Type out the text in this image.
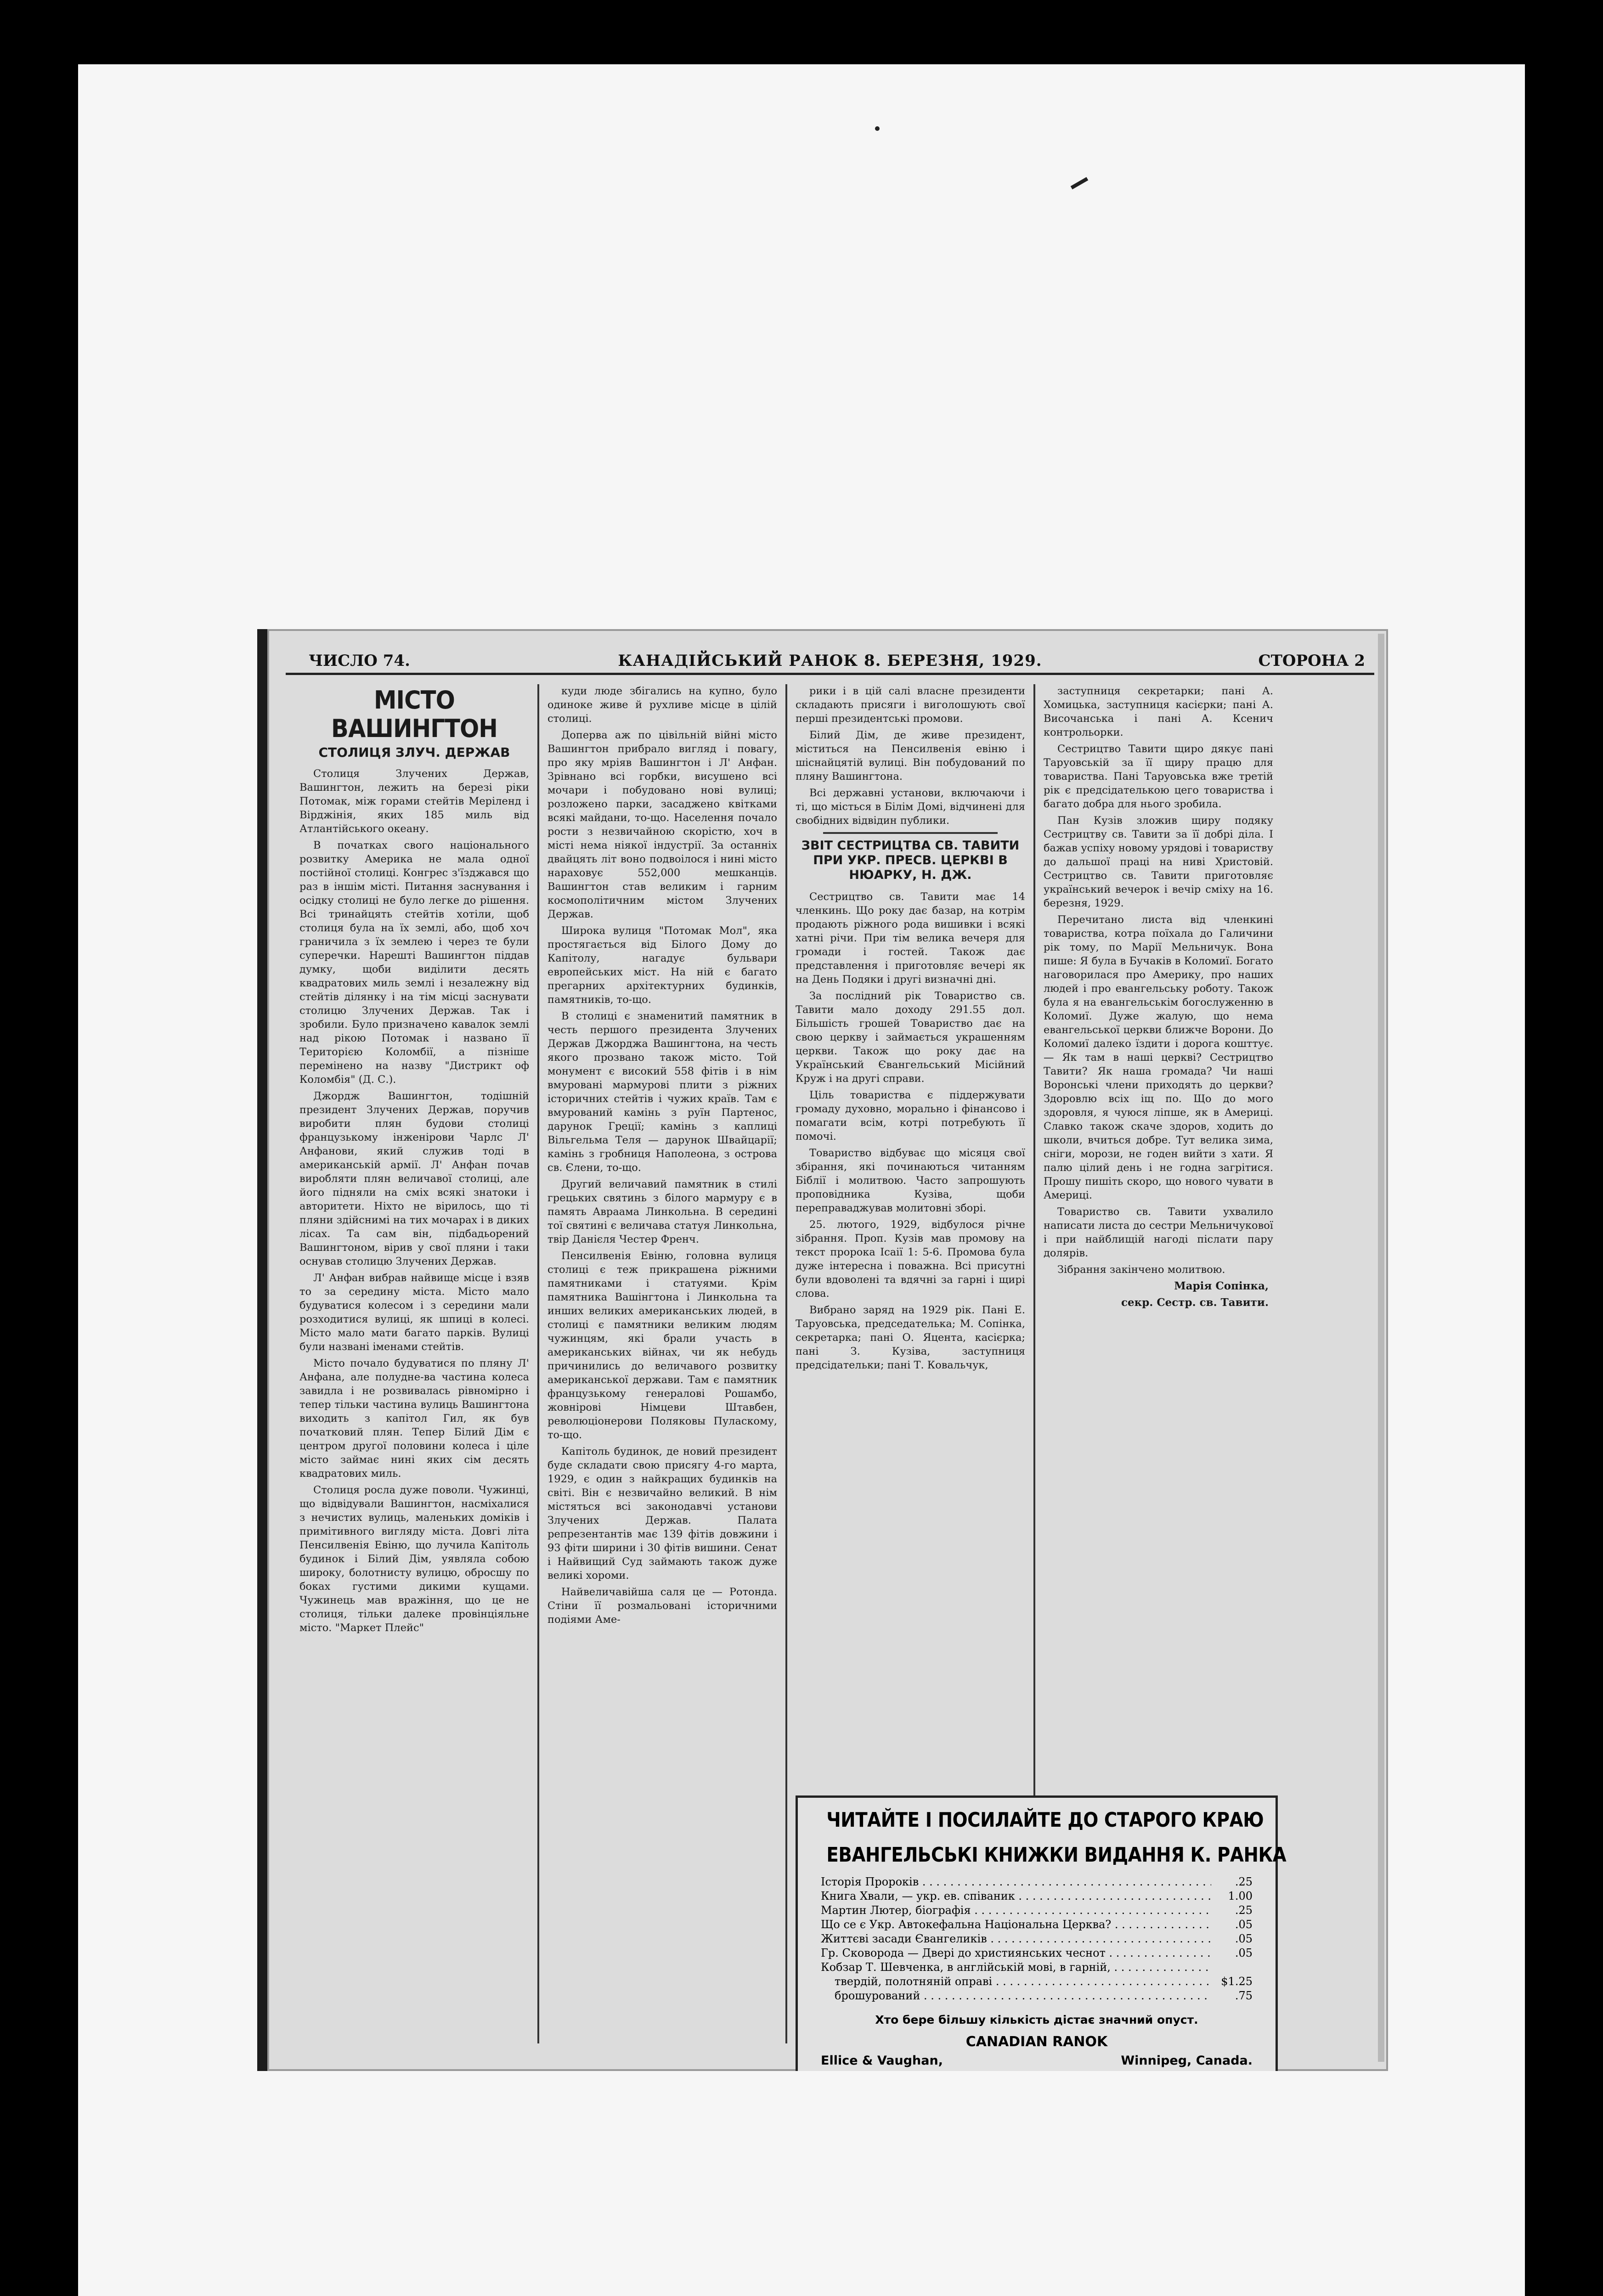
ЧИСЛО 74.	КАНАДІЙСЬКИЙ РАНОК 8. БЕРЕЗНЯ, 1929.	СТОРОНА 2
МІСТО ВАШИНГТОН
СТОЛИЦЯ ЗЛУЧ. ДЕРЖАВ

Столиця Злучених Держав, Вашингтон, лежить на березі ріки Потомак, між горами стейтів Меріленд і Вірджінія, яких 185 миль від Атлантійського океану.

В початках свого національного розвитку Америка не мала одної постійної столиці. Конгрес з'їзджався що раз в іншім місті. Питання заснування і осідку столиці не було легке до рішення. Всі тринайцять стейтів хотіли, щоб столиця була на їх землі, або, щоб хоч граничила з їх землею і через те були суперечки. Нарешті Вашингтон піддав думку, щоби виділити десять квадратових миль землі і незалежну від стейтів ділянку і на тім місці заснувати столицю Злучених Держав. Так і зробили. Було призначено кавалок землі над рікою Потомак і названо її Територією Коломбії, а пізніше перемінено на назву "Дистрикт оф Коломбія" (Д. С.).

Джордж Вашингтон, тодішній президент Злучених Держав, поручив виробити плян будови столиці французькому інженірови Чарлс Л' Анфанови, який служив тоді в американській армії. Л' Анфан почав виробляти плян величавої столиці, але його підняли на сміх всякі знатоки і авторитети. Ніхто не вірилось, що ті пляни здійснимі на тих мочарах і в диких лісах. Та сам він, підбадьорений Вашингтоном, вірив у свої пляни і таки оснував столицю Злучених Держав.

Л' Анфан вибрав найвище місце і взяв то за середину міста. Місто мало будуватися колесом і з середини мали розходитися вулиці, як шпиці в колесі. Місто мало мати багато парків. Вулиці були названі іменами стейтів.

Місто почало будуватися по пляну Л' Анфана, але полудне-ва частина колеса завидла і не розвивалась рівномірно і тепер тільки частина вулиць Вашингтона виходить з капітол Гил, як був початковий плян. Тепер Білий Дім є центром другої половини колеса і ціле місто займає нині яких сім десять квадратових миль.

Столиця росла дуже поволи. Чужинці, що відвідували Вашингтон, насміхалися з нечистих вулиць, маленьких доміків і примітивного вигляду міста. Довгі літа Пенсилвенія Евіню, що лучила Капітоль будинок і Білий Дім, уявляла собою широку, болотнисту вулицю, обросшу по боках густими дикими кущами. Чужинець мав вражіння, що це не столиця, тільки далеке провінціяльне місто. "Маркет Плейс"

куди люде збігались на купно, було одиноке живе й рухливе місце в цілій столиці.

Доперва аж по цівільній війні місто Вашингтон прибрало вигляд і повагу, про яку мріяв Вашингтон і Л' Анфан. Зрівнано всі горбки, висушено всі мочари і побудовано нові вулиці; розложено парки, засаджено квітками всякі майдани, то-що. Населення почало рости з незвичайною скорістю, хоч в місті нема ніякої індустрії. За останніх двайцять літ воно подвоілося і нині місто нараховує 552,000 мешканців. Вашингтон став великим і гарним космополітичним містом Злучених Держав.

Широка вулиця "Потомак Мол", яка простягається від Білого Дому до Капітолу, нагадує бульвари европейських міст. На ній є багато прегарних архітектурних будинків, памятників, то-що.

В столиці є знаменитий памятник в честь першого президента Злучених Держав Джорджа Вашингтона, на честь якого прозвано також місто. Той монумент є високий 558 фітів і в нім вмуровані мармурові плити з ріжних історичних стейтів і чужих країв. Там є вмурований камінь з руїн Партенос, дарунок Греції; камінь з каплиці Вільгельма Теля — дарунок Швайцарії; камінь з гробниця Наполеона, з острова св. Єлени, то-що.

Другий величавий памятник в стилі грецьких святинь з білого мармуру є в память Авраама Линкольна. В середині тої святині є величава статуя Линкольна, твір Данієля Честер Френч.

Пенсилвенія Евіню, головна вулиця столиці є теж прикрашена ріжними памятниками і статуями. Крім памятника Вашінгтона і Линкольна та инших великих американських людей, в столиці є памятники великим людям чужинцям, які брали участь в американських війнах, чи як небудь причинились до величавого розвитку американської держави. Там є памятник французькому генералові Рошамбо, жовнірові Німцеви Штавбен, революціонерови Поляковы Пуласкому, то-що.

Капітоль будинок, де новий президент буде складати свою присягу 4-го марта, 1929, є один з найкращих будинків на світі. Він є незвичайно великий. В нім містяться всі законодавчі установи Злучених Держав. Палата репрезентантів має 139 фітів довжини і 93 фіти ширини і 30 фітів вишини. Сенат і Найвищий Суд займають також дуже великі хороми.

Найвеличавійша саля це — Ротонда. Стіни її розмальовані історичними подіями Аме-

рики і в цій салі власне президенти складають присяги і виголошують свої перші президентські промови.

Білий Дім, де живе президент, міститься на Пенсилвенія евіню і шіснайцятій вулиці. Він побудований по пляну Вашингтона.

Всі державні установи, включаючи і ті, що місться в Білім Домі, відчинені для свобідних відвідин публики.

ЗВІТ СЕСТРИЦТВА СВ. ТАВИТИ ПРИ УКР. ПРЕСВ. ЦЕРКВІ В НЮАРКУ, Н. ДЖ.

Сестрицтво св. Тавити має 14 членкинь. Що року дає базар, на котрім продають ріжного рода вишивки і всякі хатні річи. При тім велика вечеря для громади і гостей. Також дає представлення і приготовляє вечері як на День Подяки і другі визначні дні.

За послідний рік Товариство св. Тавити мало доходу 291.55 дол. Більшість грошей Товариство дає на свою церкву і займається украшенням церкви. Також що року дає на Український Євангельський Місійний Круж і на другі справи.

Ціль товариства є піддержувати громаду духовно, морально і фінансово і помагати всім, котрі потребують її помочі.

Товариство відбуває що місяця свої збірання, які починаються читанням Біблії і молитвою. Часто запрошують проповідника Кузіва, щоби переправаджував молитовні зборі.

25. лютого, 1929, відбулося річне зібрання. Проп. Кузів мав промову на текст пророка Ісаії 1: 5-6. Промова була дуже інтересна і поважна. Всі присутні були вдоволені та вдячні за гарні і щирі слова.

Вибрано заряд на 1929 рік. Пані Е. Таруовська, председателька; М. Сопінка, секретарка; пані О. Яцента, касієрка; пані З. Кузіва, заступниця предсідательки; пані Т. Ковальчук,

заступниця секретарки; пані А. Хомицька, заступниця касієрки; пані А. Височанська і пані А. Ксенич контрольорки.

Сестрицтво Тавити щиро дякує пані Таруовській за її щиру працю для товариства. Пані Таруовська вже третій рік є предсідателькою цего товариства і багато добра для нього зробила.

Пан Кузів зложив щиру подяку Сестрицтву св. Тавити за її добрі діла. І бажав успіху новому урядові і товариству до дальшої праці на ниві Христовій. Сестрицтво св. Тавити приготовляє український вечерок і вечір сміху на 16. березня, 1929.

Перечитано листа від членкині товариства, котра поїхала до Галичини рік тому, по Марії Мельничук. Вона пише: Я була в Бучаків в Коломиї. Богато наговорилася про Америку, про наших людей і про евангельську роботу. Також була я на евангельськім богослуженню в Коломиї. Дуже жалую, що нема евангельської церкви ближче Ворони. До Коломиї далеко їздити і дорога кошттує. — Як там в наші церкві? Сестрицтво Тавити? Як наша громада? Чи наші Воронські члени приходять до церкви? Здоровлю всіх іщ по. Що до мого здоровля, я чуюся ліпше, як в Америці. Славко також скаче здоров, ходить до школи, вчиться добре. Тут велика зима, сніги, морози, не годен вийти з хати. Я палю цілий день і не годна загрітися. Прошу пишіть скоро, що нового чувати в Америці.

Товариство св. Тавити ухвалило написати листа до сестри Мельничукової і при найблищій нагоді післати пару долярів.

Зібрання закінчено молитвою.

Марія Сопінка,
секр. Сестр. св. Тавити.
ЧИТАЙТЕ І ПОСИЛАЙТЕ ДО СТАРОГО КРАЮ
ЕВАНГЕЛЬСЬКІ КНИЖКИ ВИДАННЯ К. РАНКА
Історія Пророків . . .	.25
Книга Хвали, — укр. ев. співаник . . .	1.00
Мартин Лютер, біографія . . .	.25
Що се є Укр. Автокефальна Національна Церква? . . .	.05
Життєві засади Євангеликів . . .	.05
Гр. Сковорода — Двері до християнських чеснот . . .	.05
Кобзар Т. Шевченка, в англійській мові, в гарній, . . .
твердій, полотняній оправі . . .	$1.25
брошурований . . .	.75
Хто бере більшу кількість дістає значний опуст.
CANADIAN RANOK
Ellice & Vaughan,	Winnipeg, Canada.
